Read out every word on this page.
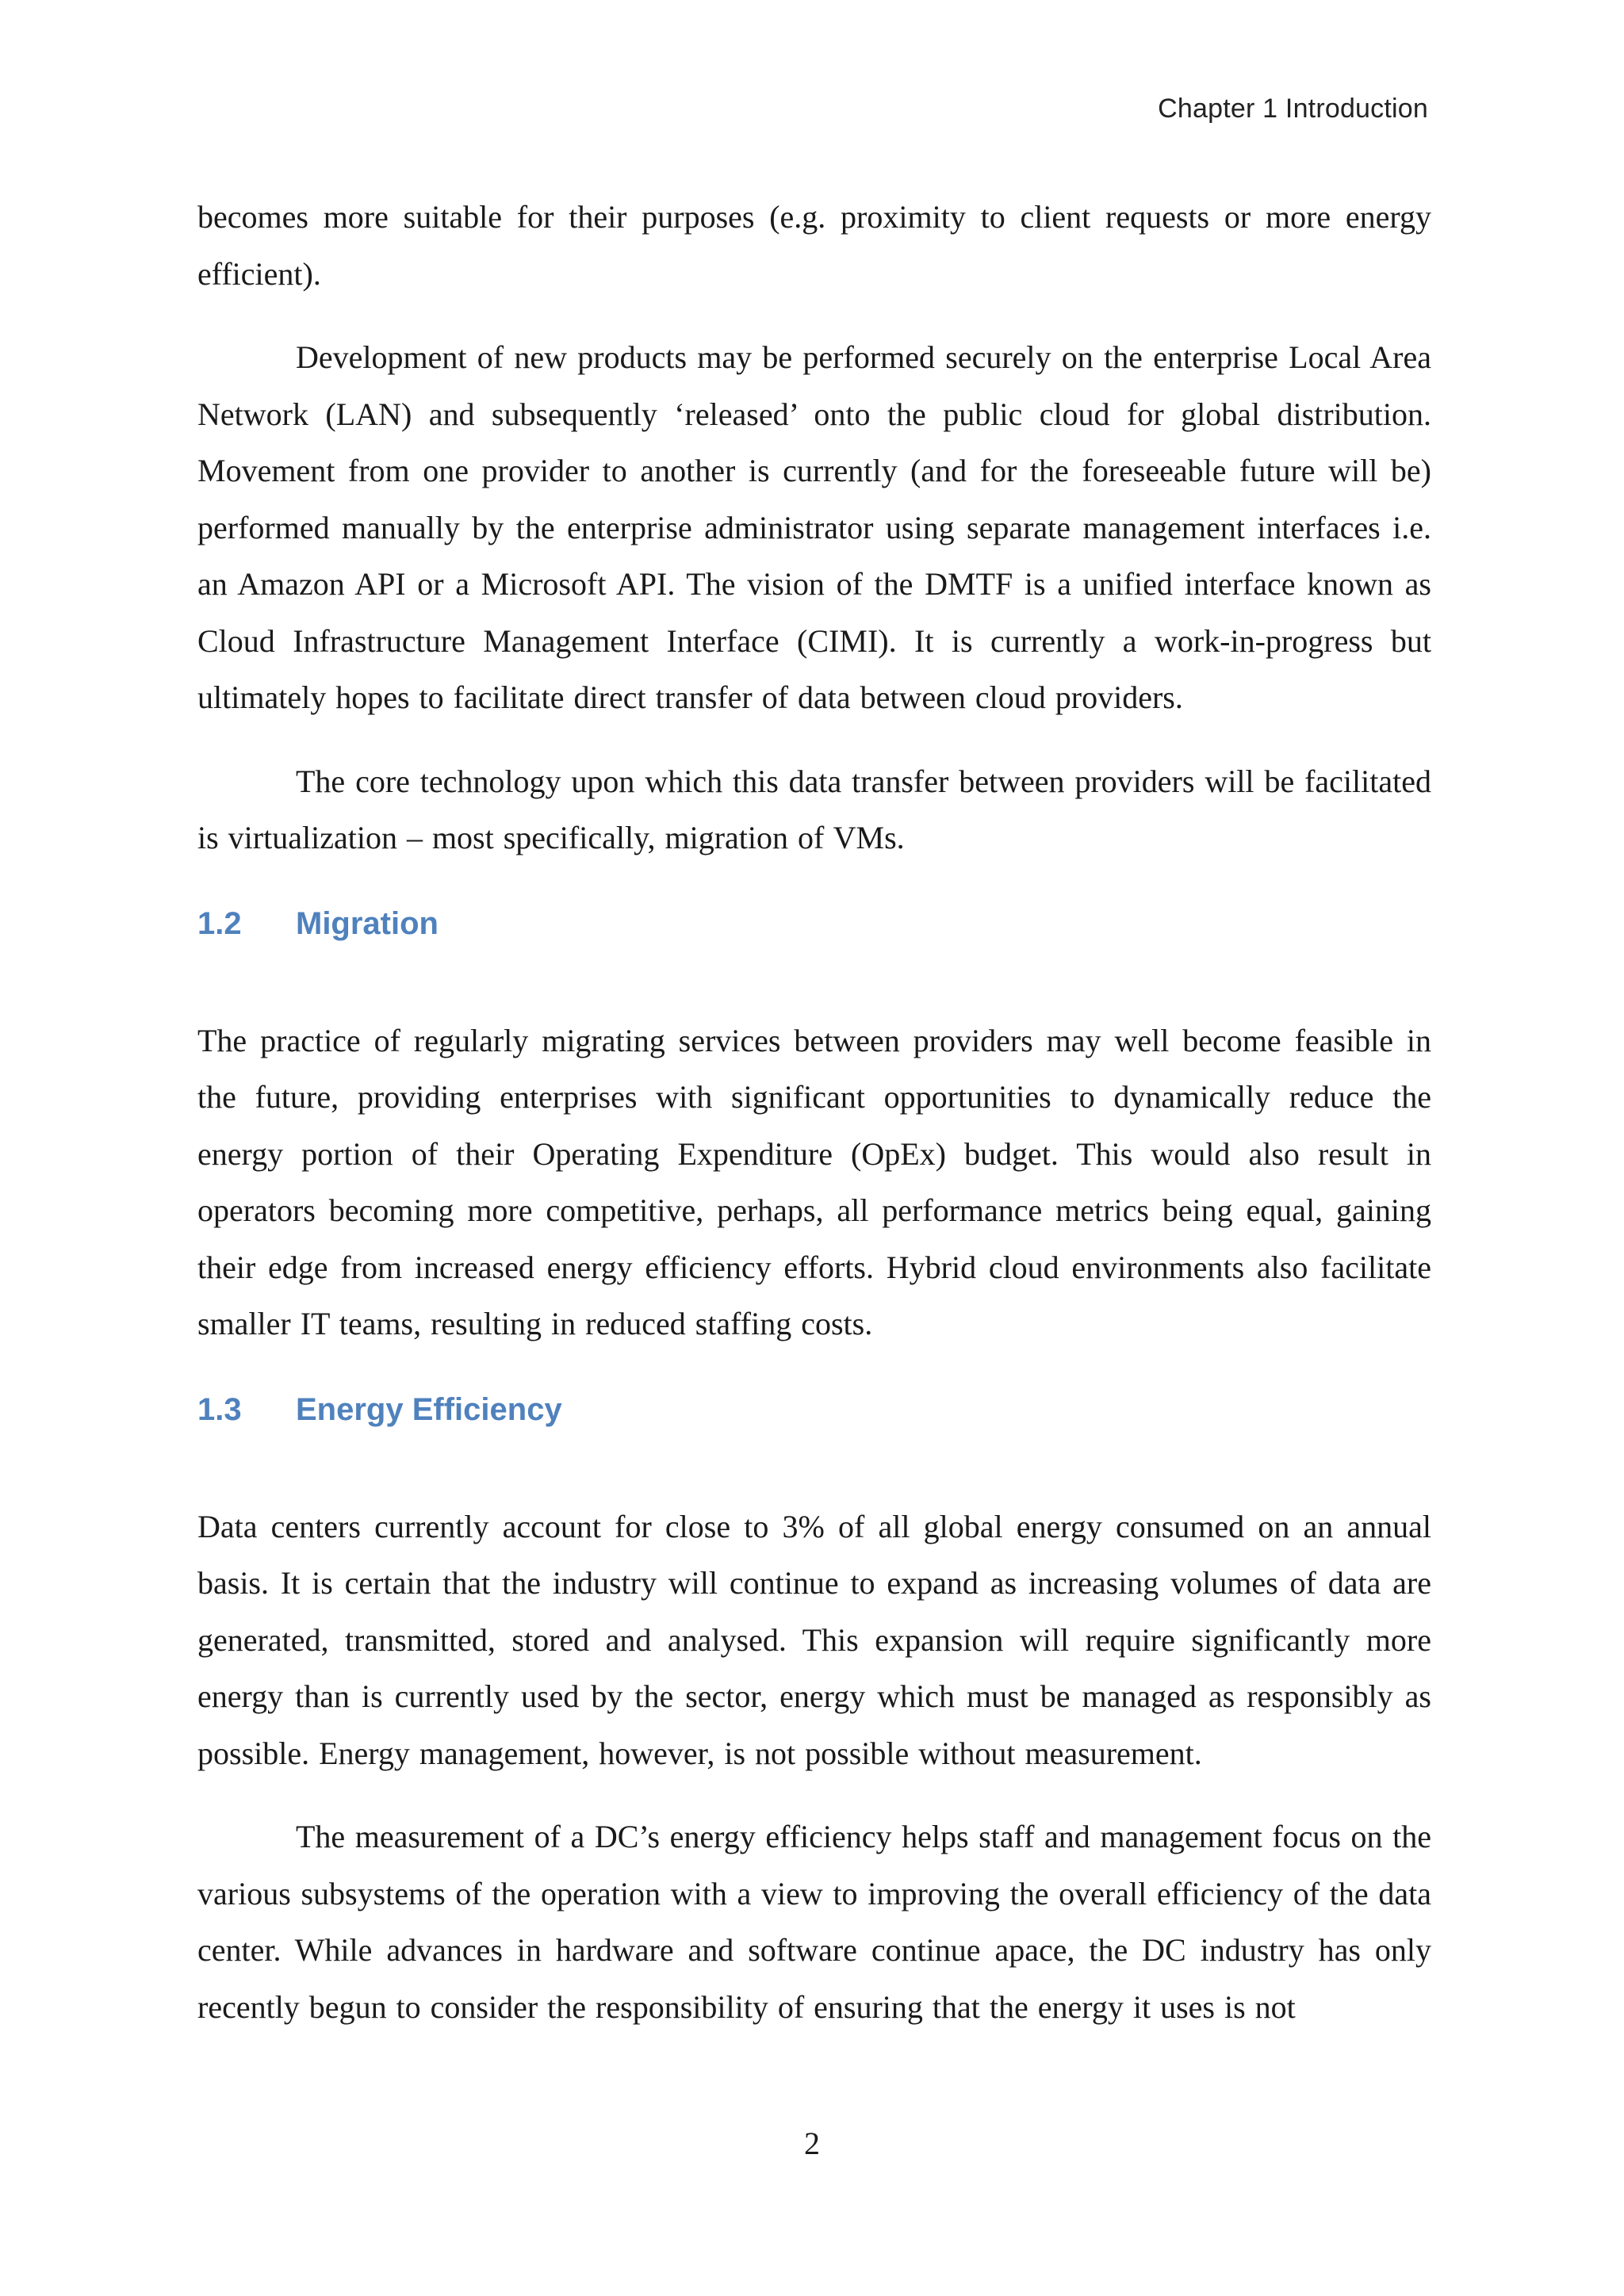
Chapter 1 Introduction

becomes more suitable for their purposes (e.g. proximity to client requests or more energy efficient).

Development of new products may be performed securely on the enterprise Local Area Network (LAN) and subsequently ‘released’ onto the public cloud for global distribution. Movement from one provider to another is currently (and for the foreseeable future will be) performed manually by the enterprise administrator using separate management interfaces i.e. an Amazon API or a Microsoft API. The vision of the DMTF is a unified interface known as Cloud Infrastructure Management Interface (CIMI). It is currently a work-in-progress but ultimately hopes to facilitate direct transfer of data between cloud providers.

The core technology upon which this data transfer between providers will be facilitated is virtualization – most specifically, migration of VMs.

1.2	Migration

The practice of regularly migrating services between providers may well become feasible in the future, providing enterprises with significant opportunities to dynamically reduce the energy portion of their Operating Expenditure (OpEx) budget. This would also result in operators becoming more competitive, perhaps, all performance metrics being equal, gaining their edge from increased energy efficiency efforts. Hybrid cloud environments also facilitate smaller IT teams, resulting in reduced staffing costs.

1.3	Energy Efficiency

Data centers currently account for close to 3% of all global energy consumed on an annual basis. It is certain that the industry will continue to expand as increasing volumes of data are generated, transmitted, stored and analysed. This expansion will require significantly more energy than is currently used by the sector, energy which must be managed as responsibly as possible. Energy management, however, is not possible without measurement.

The measurement of a DC’s energy efficiency helps staff and management focus on the various subsystems of the operation with a view to improving the overall efficiency of the data center. While advances in hardware and software continue apace, the DC industry has only recently begun to consider the responsibility of ensuring that the energy it uses is not

2
